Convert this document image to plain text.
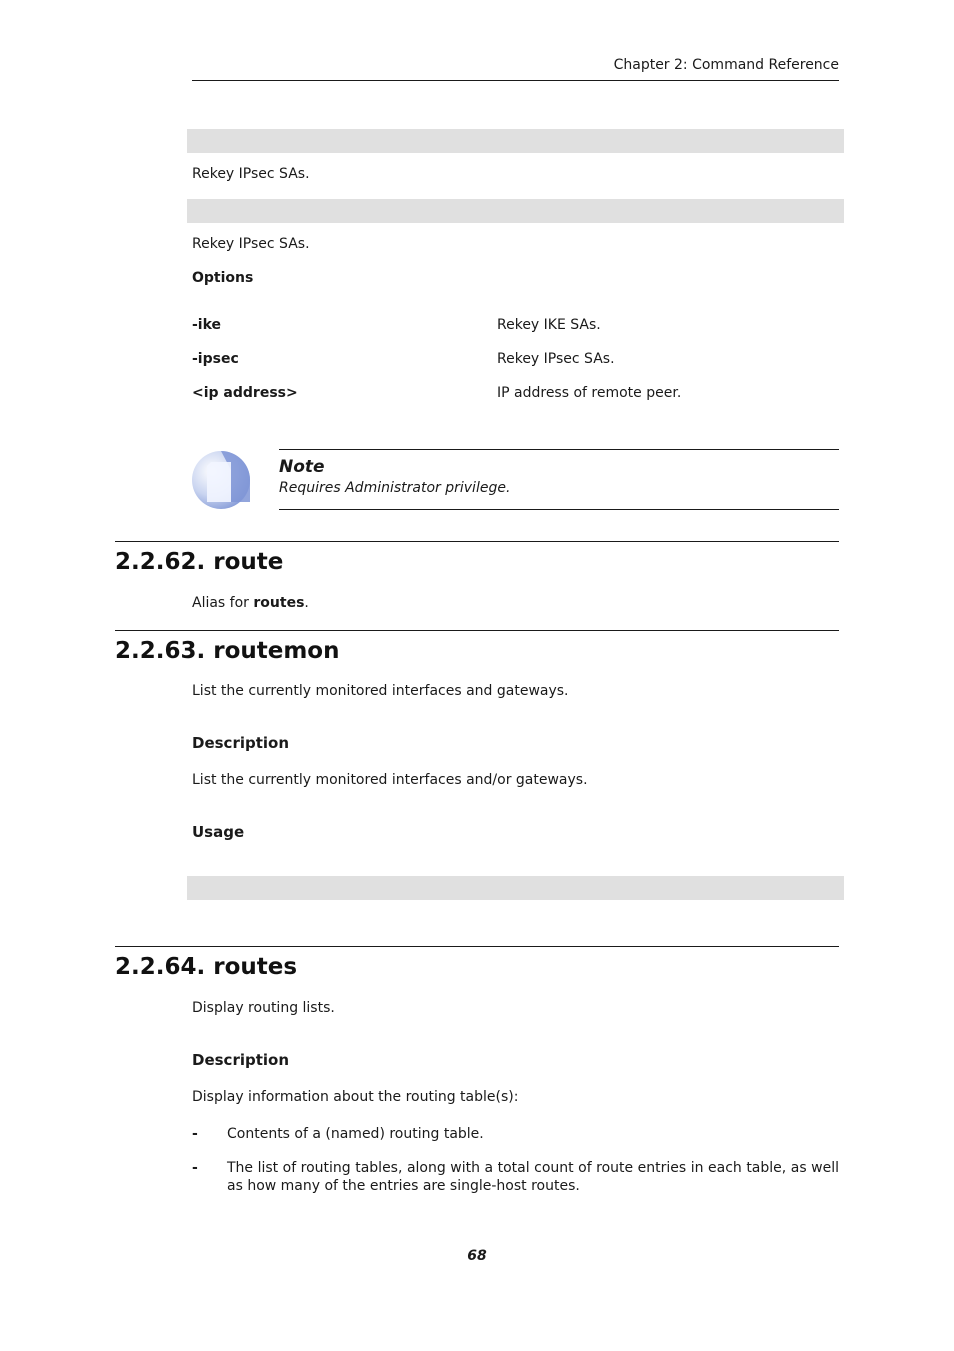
Chapter 2: Command Reference
Rekey IPsec SAs.
Rekey IPsec SAs.
Options
-ike	Rekey IKE SAs.
-ipsec	Rekey IPsec SAs.
<ip address>	IP address of remote peer.
Note
Requires Administrator privilege.
2.2.62. route
Alias for routes.
2.2.63. routemon
List the currently monitored interfaces and gateways.
Description
List the currently monitored interfaces and/or gateways.
Usage
2.2.64. routes
Display routing lists.
Description
Display information about the routing table(s):
- Contents of a (named) routing table.
- The list of routing tables, along with a total count of route entries in each table, as well as how many of the entries are single-host routes.
68
